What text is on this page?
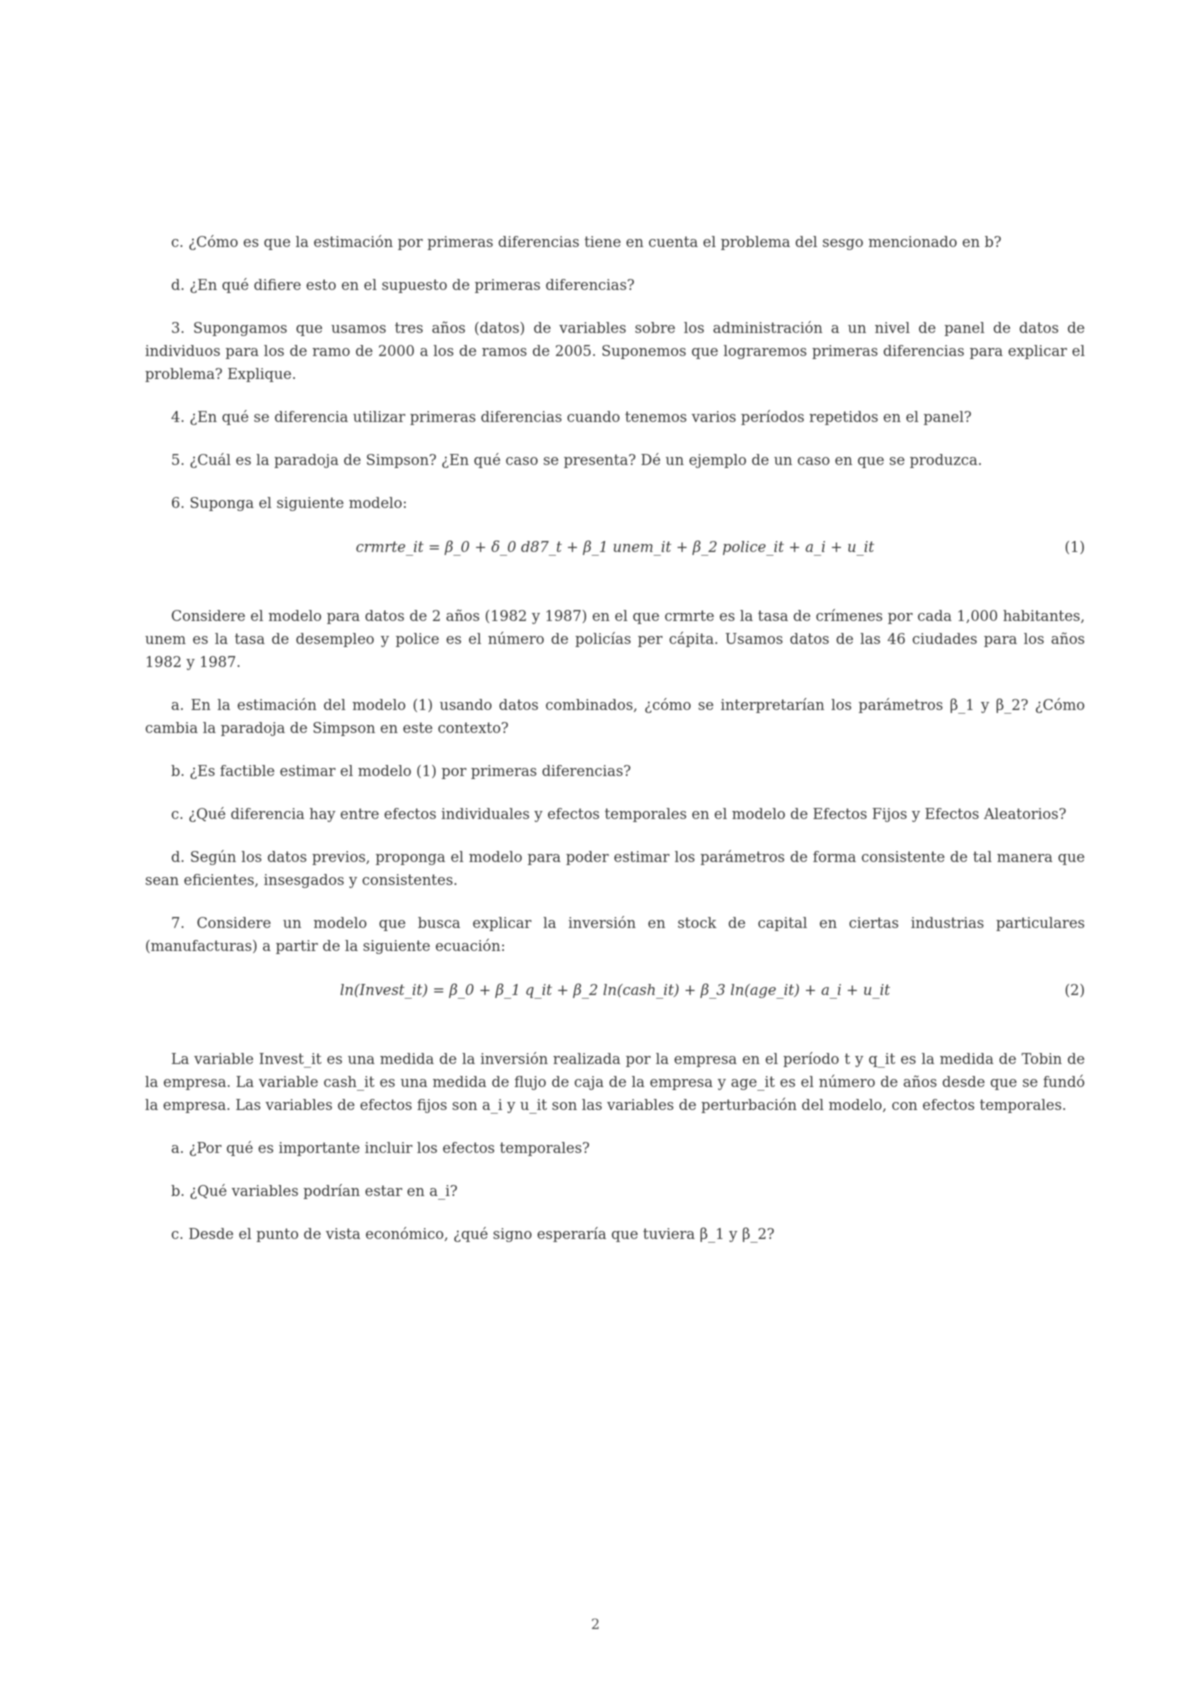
c. ¿Cómo es que la estimación por primeras diferencias tiene en cuenta el problema del sesgo mencionado en b?

d. ¿En qué difiere esto en el supuesto de primeras diferencias?

3. Supongamos que usamos tres años (datos) de variables sobre los administración a un nivel de panel de datos de individuos para los de ramo de 2000 a los de ramos de 2005. Suponemos que lograremos primeras diferencias para explicar el problema? Explique.

4. ¿En qué se diferencia utilizar primeras diferencias cuando tenemos varios períodos repetidos en el panel?

5. ¿Cuál es la paradoja de Simpson? ¿En qué caso se presenta? Dé un ejemplo de un caso en que se produzca.

6. Suponga el siguiente modelo:

crmrte_it = β_0 + δ_0 d87_t + β_1 unem_it + β_2 police_it + a_i + u_it	(1)

Considere el modelo para datos de 2 años (1982 y 1987) en el que crmrte es la tasa de crímenes por cada 1,000 habitantes, unem es la tasa de desempleo y police es el número de policías per cápita. Usamos datos de las 46 ciudades para los años 1982 y 1987.

a. En la estimación del modelo (1) usando datos combinados, ¿cómo se interpretarían los parámetros β_1 y β_2? ¿Cómo cambia la paradoja de Simpson en este contexto?

b. ¿Es factible estimar el modelo (1) por primeras diferencias?

c. ¿Qué diferencia hay entre efectos individuales y efectos temporales en el modelo de Efectos Fijos y Efectos Aleatorios?

d. Según los datos previos, proponga el modelo para poder estimar los parámetros de forma consistente de tal manera que sean eficientes, insesgados y consistentes.

7. Considere un modelo que busca explicar la inversión en stock de capital en ciertas industrias particulares (manufacturas) a partir de la siguiente ecuación:

ln(Invest_it) = β_0 + β_1 q_it + β_2 ln(cash_it) + β_3 ln(age_it) + a_i + u_it	(2)

La variable Invest_it es una medida de la inversión realizada por la empresa en el período t y q_it es la medida de Tobin de la empresa. La variable cash_it es una medida de flujo de caja de la empresa y age_it es el número de años desde que se fundó la empresa. Las variables de efectos fijos son a_i y u_it son las variables de perturbación del modelo, con efectos temporales.

a. ¿Por qué es importante incluir los efectos temporales?

b. ¿Qué variables podrían estar en a_i?

c. Desde el punto de vista económico, ¿qué signo esperaría que tuviera β_1 y β_2?

2
